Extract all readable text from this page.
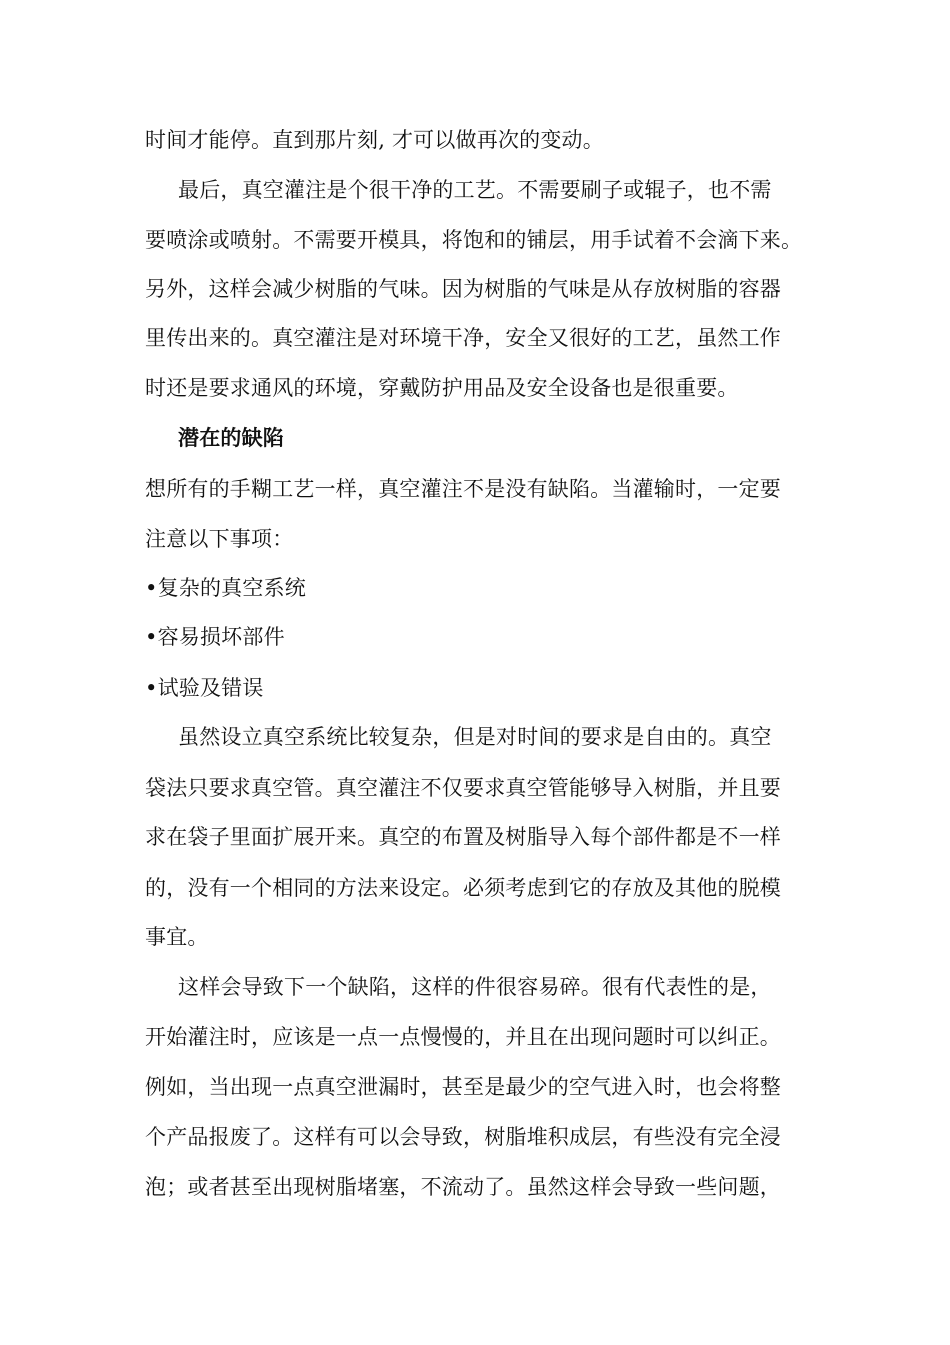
时间才能停。直到那片刻, 才可以做再次的变动。
最后，真空灌注是个很干净的工艺。不需要刷子或辊子，也不需
要喷涂或喷射。不需要开模具，将饱和的铺层，用手试着不会滴下来。
另外，这样会减少树脂的气味。因为树脂的气味是从存放树脂的容器
里传出来的。真空灌注是对环境干净，安全又很好的工艺，虽然工作
时还是要求通风的环境，穿戴防护用品及安全设备也是很重要。
潜在的缺陷
想所有的手糊工艺一样，真空灌注不是没有缺陷。当灌输时，一定要
注意以下事项：
•复杂的真空系统
•容易损坏部件
•试验及错误
虽然设立真空系统比较复杂，但是对时间的要求是自由的。真空
袋法只要求真空管。真空灌注不仅要求真空管能够导入树脂，并且要
求在袋子里面扩展开来。真空的布置及树脂导入每个部件都是不一样
的，没有一个相同的方法来设定。必须考虑到它的存放及其他的脱模
事宜。
这样会导致下一个缺陷，这样的件很容易碎。很有代表性的是，
开始灌注时，应该是一点一点慢慢的，并且在出现问题时可以纠正。
例如，当出现一点真空泄漏时，甚至是最少的空气进入时，也会将整
个产品报废了。这样有可以会导致，树脂堆积成层，有些没有完全浸
泡；或者甚至出现树脂堵塞，不流动了。虽然这样会导致一些问题，
